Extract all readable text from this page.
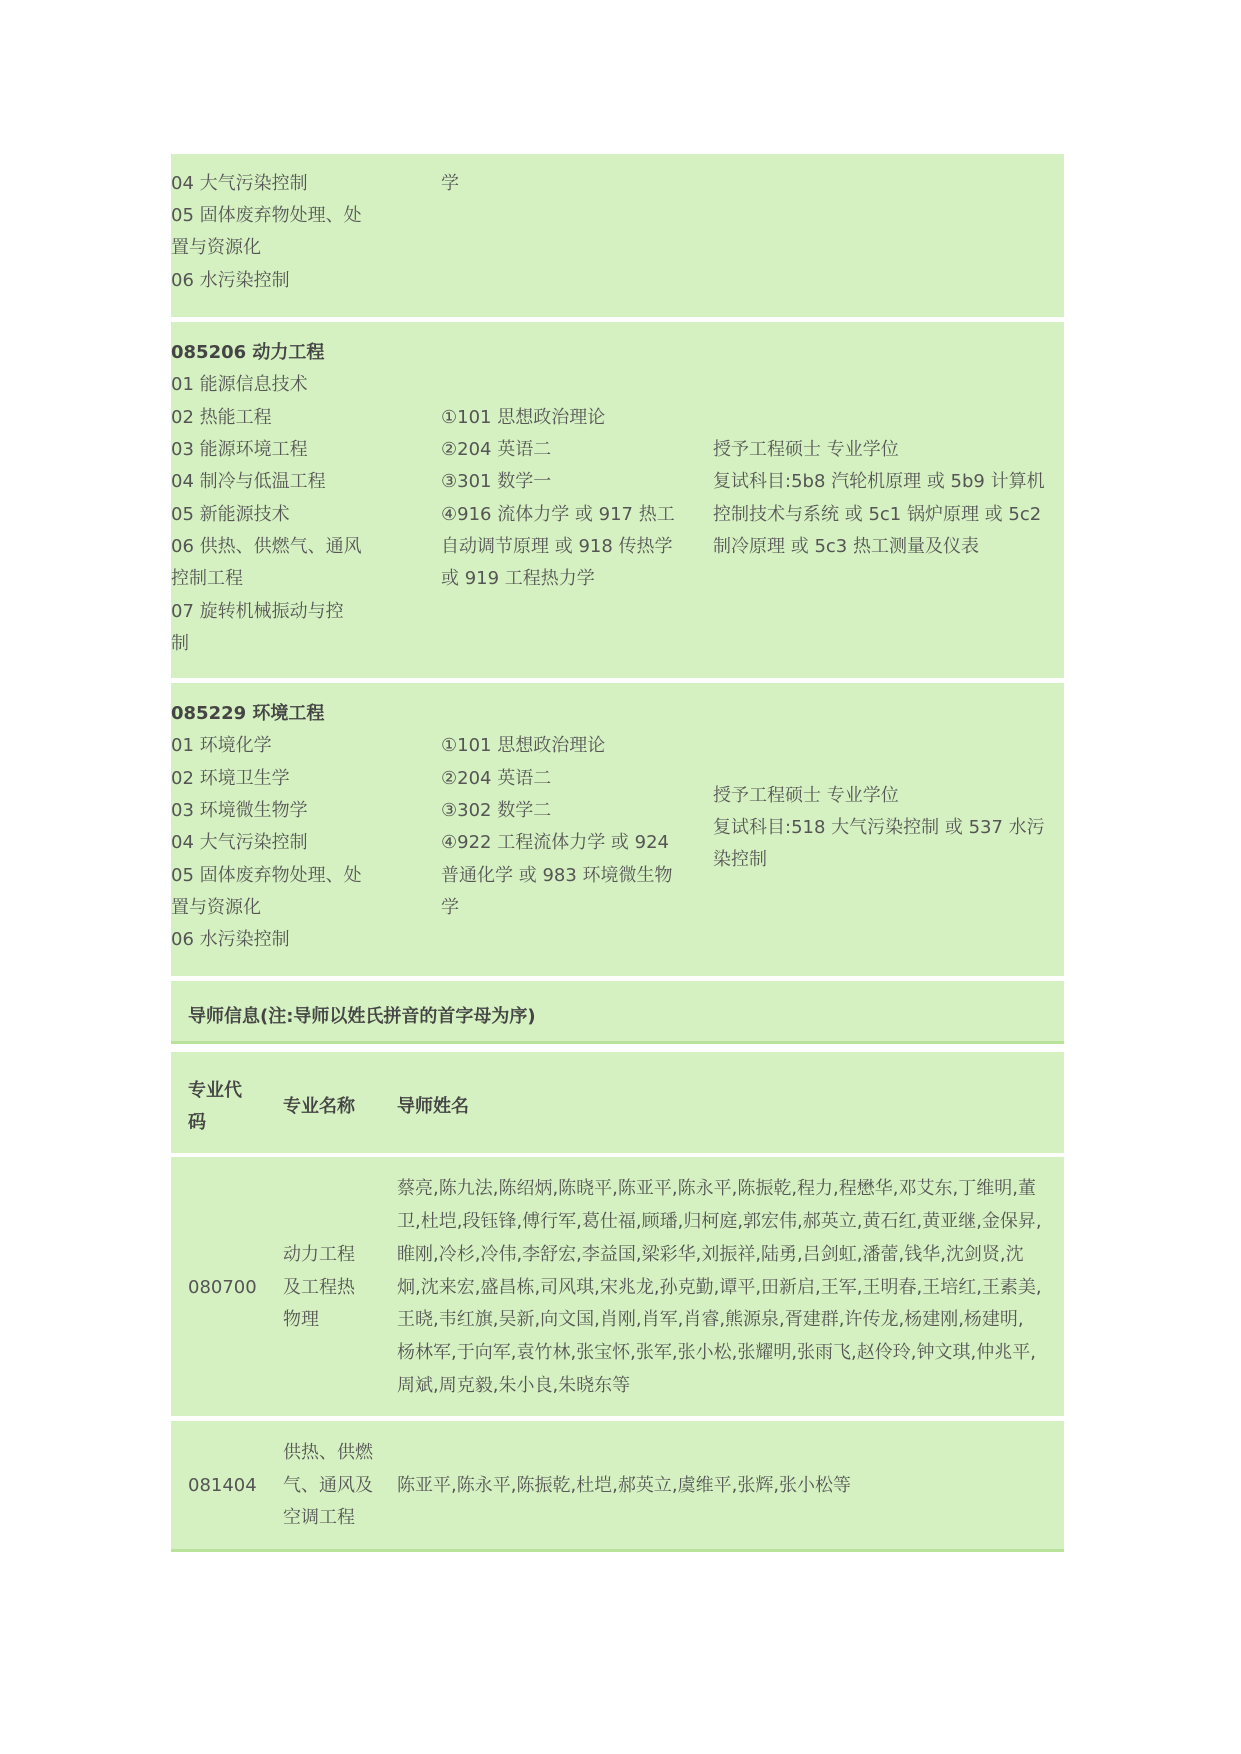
04 大气污染控制
05 固体废弃物处理、处
置与资源化
06 水污染控制
学
085206 动力工程
01 能源信息技术
02 热能工程
03 能源环境工程
04 制冷与低温工程
05 新能源技术
06 供热、供燃气、通风
控制工程
07 旋转机械振动与控
制
①101 思想政治理论
②204 英语二
③301 数学一
④916 流体力学 或 917 热工
自动调节原理 或 918 传热学
或 919 工程热力学
授予工程硕士 专业学位
复试科目:5b8 汽轮机原理 或 5b9 计算机
控制技术与系统 或 5c1 锅炉原理 或 5c2
制冷原理 或 5c3 热工测量及仪表
085229 环境工程
01 环境化学
02 环境卫生学
03 环境微生物学
04 大气污染控制
05 固体废弃物处理、处
置与资源化
06 水污染控制
①101 思想政治理论
②204 英语二
③302 数学二
④922 工程流体力学 或 924
普通化学 或 983 环境微生物
学
授予工程硕士 专业学位
复试科目:518 大气污染控制 或 537 水污
染控制
导师信息(注:导师以姓氏拼音的首字母为序)
专业代
码
专业名称 导师姓名
080700
动力工程
及工程热
物理
蔡亮,陈九法,陈绍炳,陈晓平,陈亚平,陈永平,陈振乾,程力,程懋华,邓艾东,丁维明,董
卫,杜垲,段钰锋,傅行军,葛仕福,顾璠,归柯庭,郭宏伟,郝英立,黄石红,黄亚继,金保昇,
睢刚,冷杉,冷伟,李舒宏,李益国,梁彩华,刘振祥,陆勇,吕剑虹,潘蕾,钱华,沈剑贤,沈
炯,沈来宏,盛昌栋,司风琪,宋兆龙,孙克勤,谭平,田新启,王军,王明春,王培红,王素美,
王晓,韦红旗,吴新,向文国,肖刚,肖军,肖睿,熊源泉,胥建群,许传龙,杨建刚,杨建明,
杨林军,于向军,袁竹林,张宝怀,张军,张小松,张耀明,张雨飞,赵伶玲,钟文琪,仲兆平,
周斌,周克毅,朱小良,朱晓东等
081404
供热、供燃
气、通风及
空调工程
陈亚平,陈永平,陈振乾,杜垲,郝英立,虞维平,张辉,张小松等
